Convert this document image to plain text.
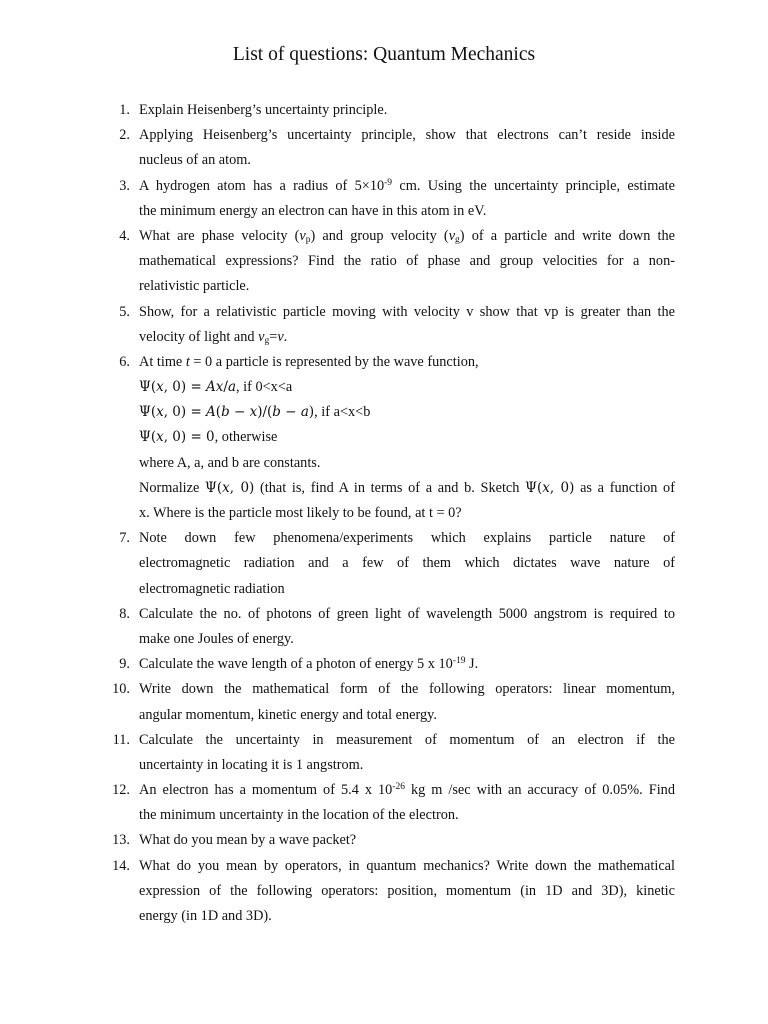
List of questions: Quantum Mechanics
1. Explain Heisenberg’s uncertainty principle.
2. Applying Heisenberg’s uncertainty principle, show that electrons can’t reside inside
nucleus of an atom.
3. A hydrogen atom has a radius of $5\times 10^{-9}$ cm. Using the uncertainty principle, estimate
the minimum energy an electron can have in this atom in eV.
4. What are phase velocity $(v_p)$ and group velocity $(v_g)$ of a particle and write down the
mathematical expressions? Find the ratio of phase and group velocities for a non-
relativistic particle.
5. Show, for a relativistic particle moving with velocity v show that vp is greater than the
velocity of light and $v_g=v$.
6. At time t = 0 a particle is represented by the wave function,
Ψ(𝑥, 0) = 𝐴𝑥/𝑎, if 0<x<a
Ψ(𝑥, 0) = 𝐴(𝑏 − 𝑥)/(𝑏 − 𝑎), if a<x<b
Ψ(𝑥, 0) = 0, otherwise
where A, a, and b are constants.
Normalize Ψ(𝑥, 0) (that is, find A in terms of a and b. Sketch Ψ(𝑥, 0) as a function of
x. Where is the particle most likely to be found, at t = 0?
7. Note down few phenomena/experiments which explains particle nature of
electromagnetic radiation and a few of them which dictates wave nature of
electromagnetic radiation
8. Calculate the no. of photons of green light of wavelength 5000 angstrom is required to
make one Joules of energy.
9. Calculate the wave length of a photon of energy 5 x $10^{-19}$ J.
10. Write down the mathematical form of the following operators: linear momentum,
angular momentum, kinetic energy and total energy.
11. Calculate the uncertainty in measurement of momentum of an electron if the
uncertainty in locating it is 1 angstrom.
12. An electron has a momentum of 5.4 x $10^{-26}$ kg m /sec with an accuracy of 0.05%. Find
the minimum uncertainty in the location of the electron.
13. What do you mean by a wave packet?
14. What do you mean by operators, in quantum mechanics? Write down the mathematical
expression of the following operators: position, momentum (in 1D and 3D), kinetic
energy (in 1D and 3D).
